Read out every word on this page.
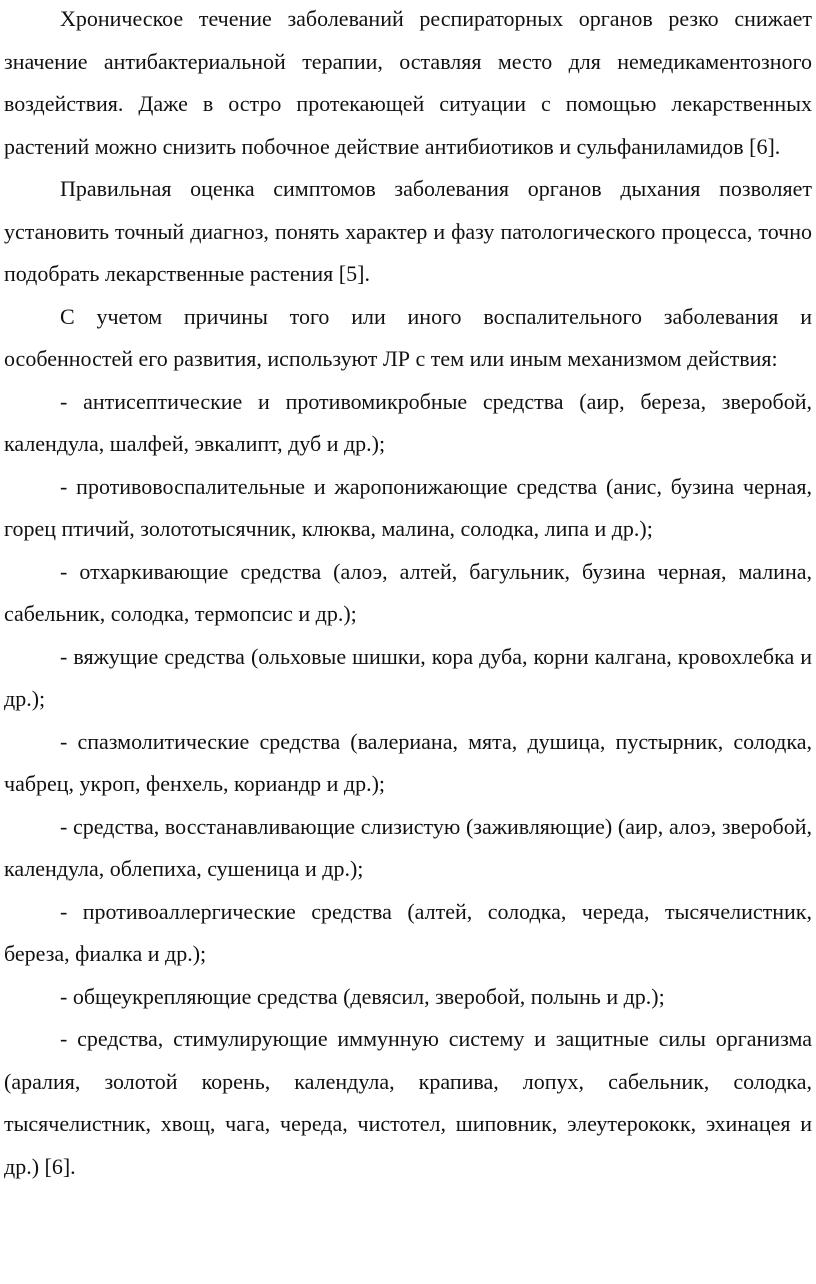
Хроническое течение заболеваний респираторных органов резко снижает значение антибактериальной терапии, оставляя место для немедикаментозного воздействия. Даже в остро протекающей ситуации с помощью лекарственных растений можно снизить побочное действие антибиотиков и сульфаниламидов [6].

Правильная оценка симптомов заболевания органов дыхания позволяет установить точный диагноз, понять характер и фазу патологического процесса, точно подобрать лекарственные растения [5].

С учетом причины того или иного воспалительного заболевания и особенностей его развития, используют ЛР с тем или иным механизмом действия:

- антисептические и противомикробные средства (аир, береза, зверобой, календула, шалфей, эвкалипт, дуб и др.);

- противовоспалительные и жаропонижающие средства (анис, бузина черная, горец птичий, золототысячник, клюква, малина, солодка, липа и др.);

- отхаркивающие средства (алоэ, алтей, багульник, бузина черная, малина, сабельник, солодка, термопсис и др.);

- вяжущие средства (ольховые шишки, кора дуба, корни калгана, кровохлебка и др.);

- спазмолитические средства (валериана, мята, душица, пустырник, солодка, чабрец, укроп, фенхель, кориандр и др.);

- средства, восстанавливающие слизистую (заживляющие) (аир, алоэ, зверобой, календула, облепиха, сушеница и др.);

- противоаллергические средства (алтей, солодка, череда, тысячелистник, береза, фиалка и др.);

- общеукрепляющие средства (девясил, зверобой, полынь и др.);

- средства, стимулирующие иммунную систему и защитные силы организма (аралия, золотой корень, календула, крапива, лопух, сабельник, солодка, тысячелистник, хвощ, чага, череда, чистотел, шиповник, элеутерококк, эхинацея и др.) [6].
